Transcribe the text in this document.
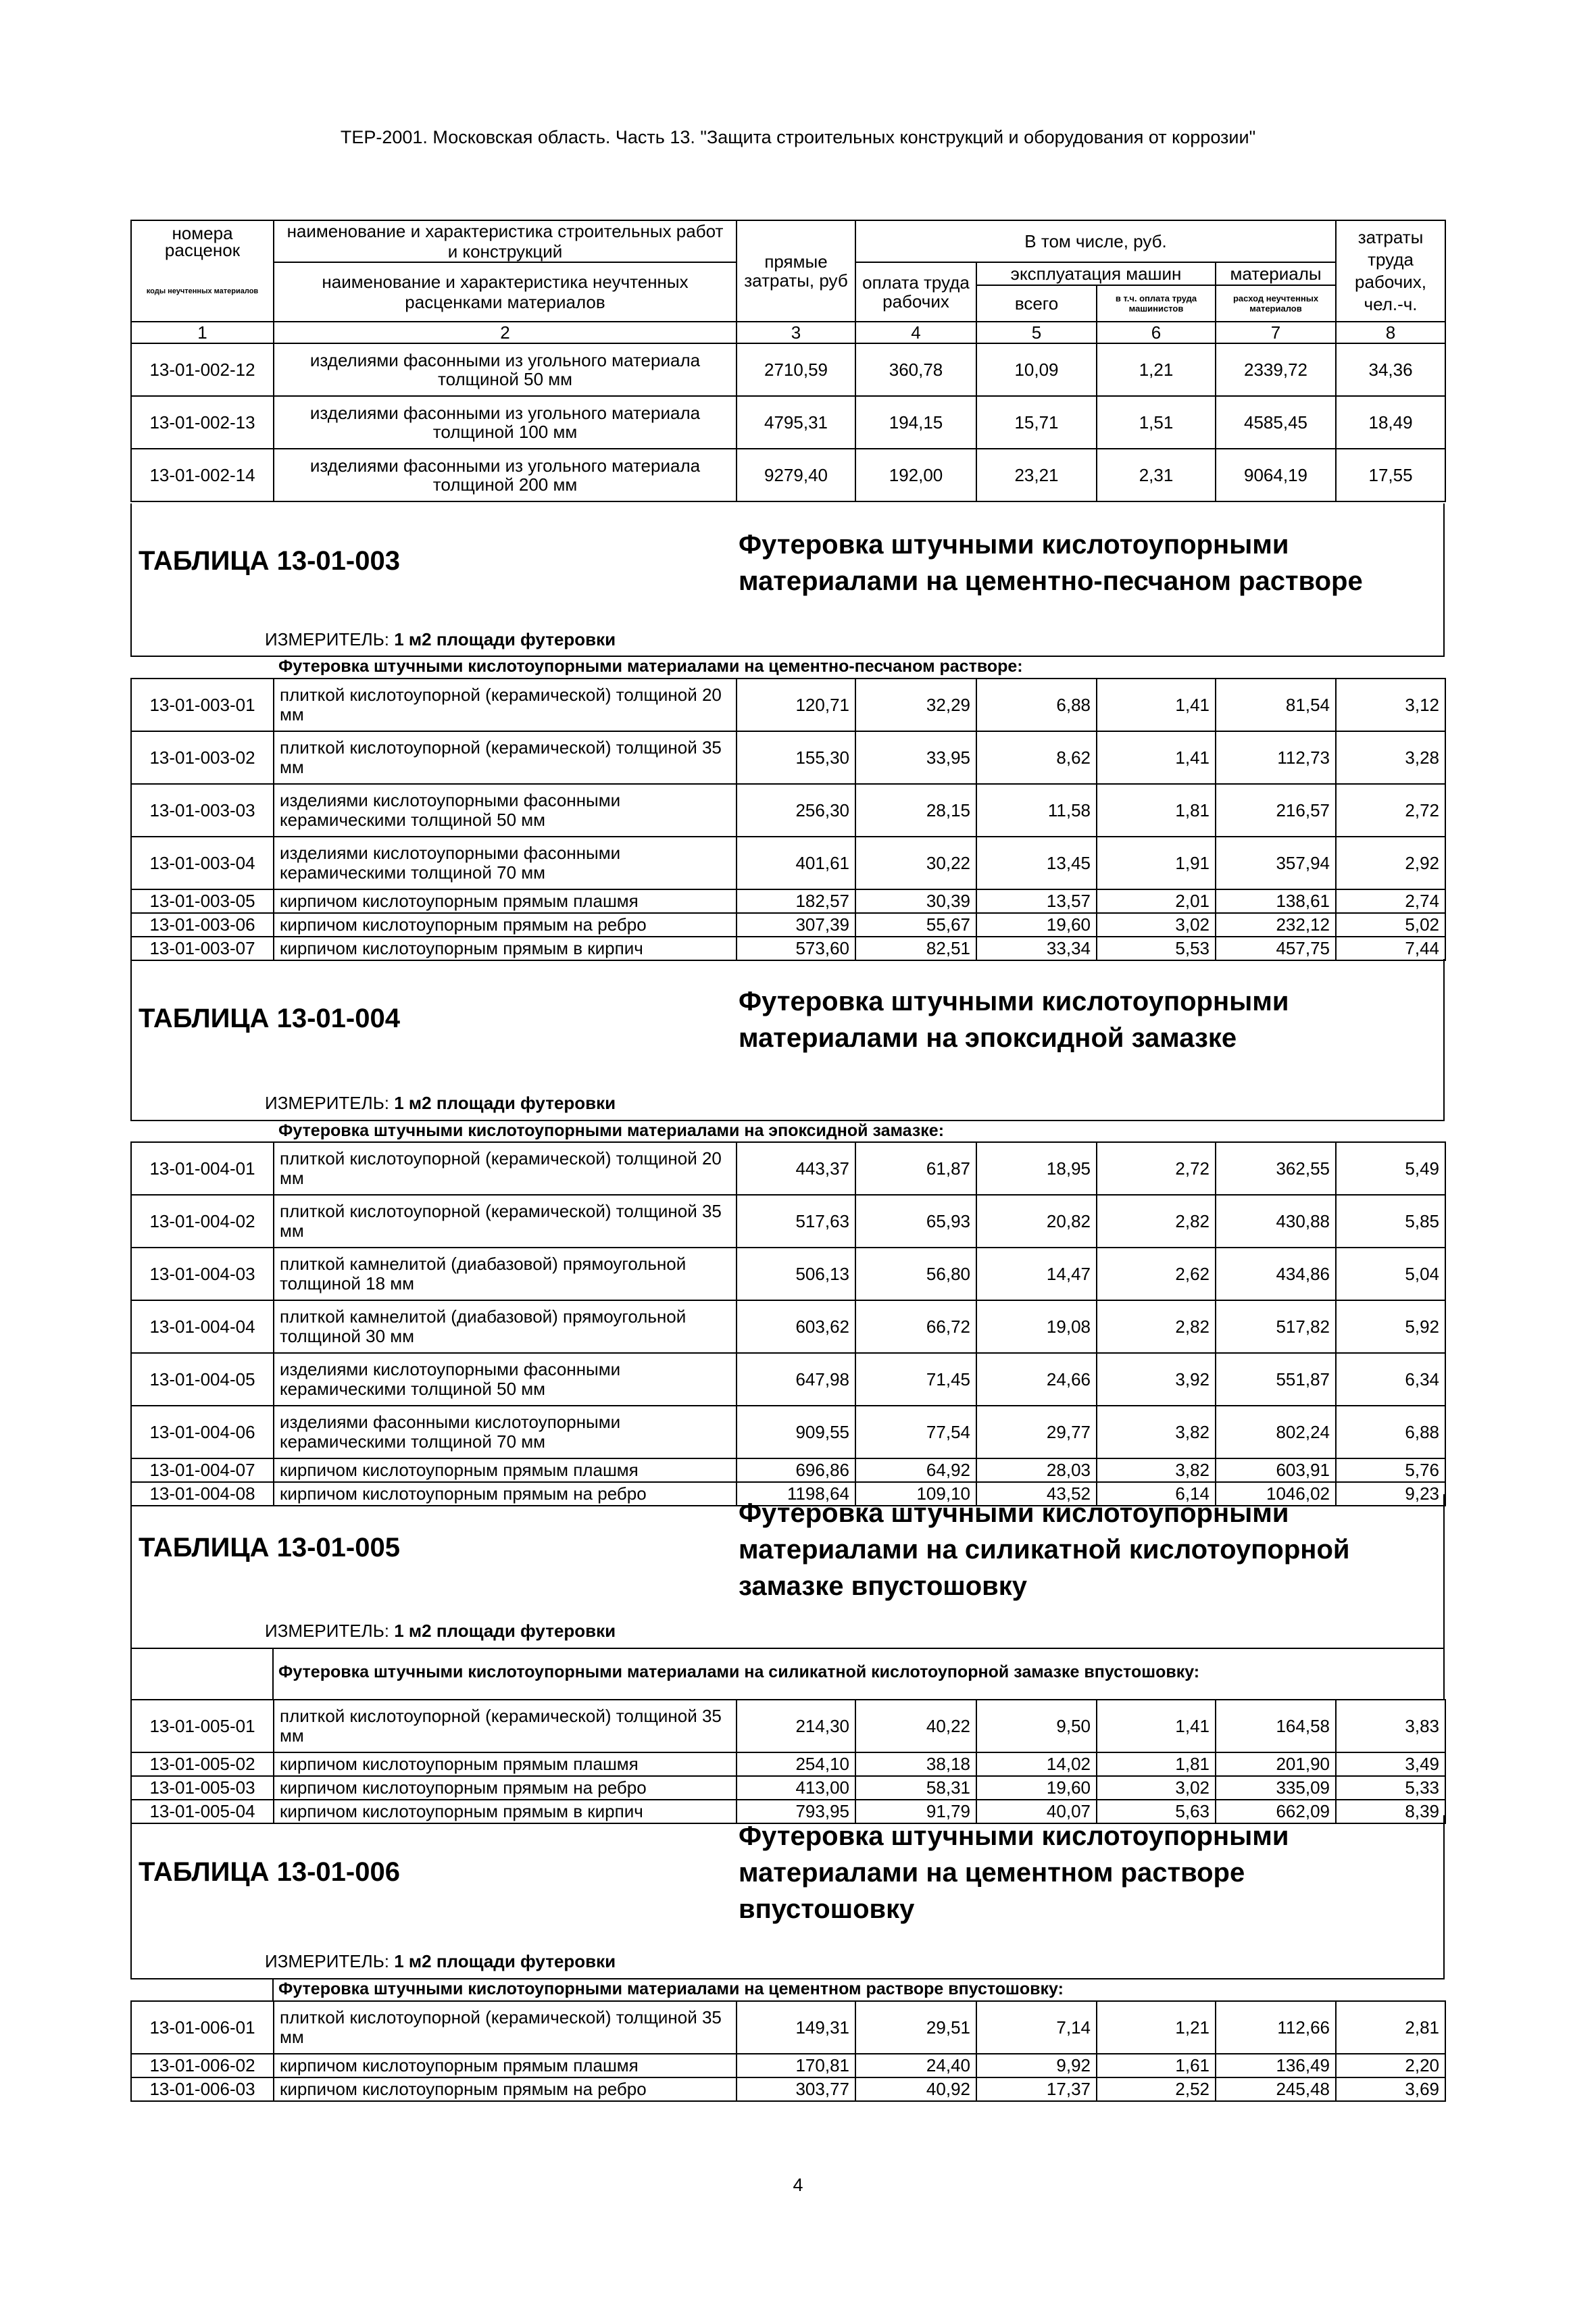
ТЕР-2001. Московская область. Часть 13. "Защита строительных конструкций и оборудования от коррозии"
номера
расценок	наименование и характеристика строительных работ и конструкций	прямые затраты, руб	В том числе, руб.				затраты труда рабочих, чел.-ч.
коды неучтенных материалов	наименование и характеристика неучтенных расценками материалов		оплата труда рабочих	эксплуатация машин		материалы	
				всего	в т.ч. оплата труда машинистов	расход неучтенных материалов	
1	2	3	4	5	6	7	8
13-01-002-12	изделиями фасонными из угольного материала толщиной 50 мм	2710,59	360,78	10,09	1,21	2339,72	34,36
13-01-002-13	изделиями фасонными из угольного материала толщиной 100 мм	4795,31	194,15	15,71	1,51	4585,45	18,49
13-01-002-14	изделиями фасонными из угольного материала толщиной 200 мм	9279,40	192,00	23,21	2,31	9064,19	17,55
ТАБЛИЦА 13-01-003
Футеровка штучными кислотоупорными материалами на цементно-песчаном растворе
ИЗМЕРИТЕЛЬ: 1 м2 площади футеровки
Футеровка штучными кислотоупорными материалами на цементно-песчаном растворе:
13-01-003-01	плиткой кислотоупорной (керамической) толщиной 20 мм	120,71	32,29	6,88	1,41	81,54	3,12
13-01-003-02	плиткой кислотоупорной (керамической) толщиной 35 мм	155,30	33,95	8,62	1,41	112,73	3,28
13-01-003-03	изделиями кислотоупорными фасонными керамическими толщиной 50 мм	256,30	28,15	11,58	1,81	216,57	2,72
13-01-003-04	изделиями кислотоупорными фасонными керамическими толщиной 70 мм	401,61	30,22	13,45	1,91	357,94	2,92
13-01-003-05	кирпичом кислотоупорным прямым плашмя	182,57	30,39	13,57	2,01	138,61	2,74
13-01-003-06	кирпичом кислотоупорным прямым на ребро	307,39	55,67	19,60	3,02	232,12	5,02
13-01-003-07	кирпичом кислотоупорным прямым в кирпич	573,60	82,51	33,34	5,53	457,75	7,44
ТАБЛИЦА 13-01-004
Футеровка штучными кислотоупорными материалами на эпоксидной замазке
ИЗМЕРИТЕЛЬ: 1 м2 площади футеровки
Футеровка штучными кислотоупорными материалами на эпоксидной замазке:
13-01-004-01	плиткой кислотоупорной (керамической) толщиной 20 мм	443,37	61,87	18,95	2,72	362,55	5,49
13-01-004-02	плиткой кислотоупорной (керамической) толщиной 35 мм	517,63	65,93	20,82	2,82	430,88	5,85
13-01-004-03	плиткой камнелитой (диабазовой) прямоугольной толщиной 18 мм	506,13	56,80	14,47	2,62	434,86	5,04
13-01-004-04	плиткой камнелитой (диабазовой) прямоугольной толщиной 30 мм	603,62	66,72	19,08	2,82	517,82	5,92
13-01-004-05	изделиями кислотоупорными фасонными керамическими толщиной 50 мм	647,98	71,45	24,66	3,92	551,87	6,34
13-01-004-06	изделиями фасонными кислотоупорными керамическими толщиной 70 мм	909,55	77,54	29,77	3,82	802,24	6,88
13-01-004-07	кирпичом кислотоупорным прямым плашмя	696,86	64,92	28,03	3,82	603,91	5,76
13-01-004-08	кирпичом кислотоупорным прямым на ребро	1198,64	109,10	43,52	6,14	1046,02	9,23
ТАБЛИЦА 13-01-005
Футеровка штучными кислотоупорными материалами на силикатной кислотоупорной замазке впустошовку
ИЗМЕРИТЕЛЬ: 1 м2 площади футеровки
Футеровка штучными кислотоупорными материалами на силикатной кислотоупорной замазке впустошовку:
13-01-005-01	плиткой кислотоупорной (керамической) толщиной 35 мм	214,30	40,22	9,50	1,41	164,58	3,83
13-01-005-02	кирпичом кислотоупорным прямым плашмя	254,10	38,18	14,02	1,81	201,90	3,49
13-01-005-03	кирпичом кислотоупорным прямым на ребро	413,00	58,31	19,60	3,02	335,09	5,33
13-01-005-04	кирпичом кислотоупорным прямым в кирпич	793,95	91,79	40,07	5,63	662,09	8,39
ТАБЛИЦА 13-01-006
Футеровка штучными кислотоупорными материалами на цементном растворе впустошовку
ИЗМЕРИТЕЛЬ: 1 м2 площади футеровки
Футеровка штучными кислотоупорными материалами на цементном растворе впустошовку:
13-01-006-01	плиткой кислотоупорной (керамической) толщиной 35 мм	149,31	29,51	7,14	1,21	112,66	2,81
13-01-006-02	кирпичом кислотоупорным прямым плашмя	170,81	24,40	9,92	1,61	136,49	2,20
13-01-006-03	кирпичом кислотоупорным прямым на ребро	303,77	40,92	17,37	2,52	245,48	3,69
4
